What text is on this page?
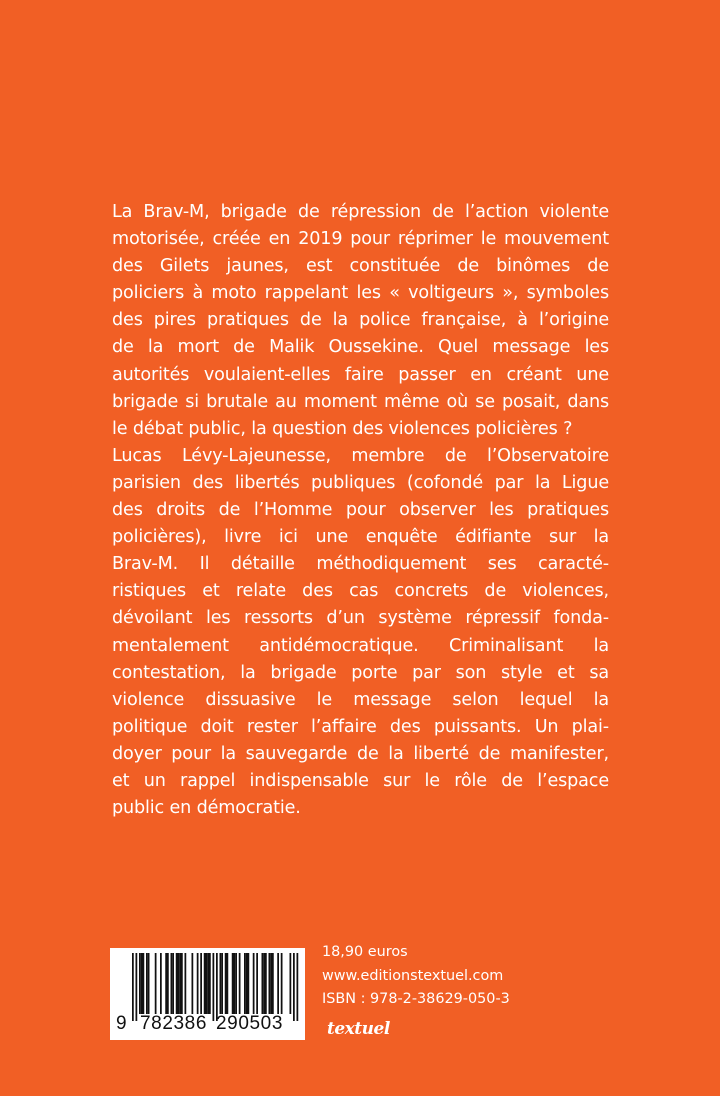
La Brav-M, brigade de répression de l’action violente
motorisée, créée en 2019 pour réprimer le mouvement
des Gilets jaunes, est constituée de binômes de
policiers à moto rappelant les « voltigeurs », symboles
des pires pratiques de la police française, à l’origine
de la mort de Malik Oussekine. Quel message les
autorités voulaient-elles faire passer en créant une
brigade si brutale au moment même où se posait, dans
le débat public, la question des violences policières ?
Lucas Lévy-Lajeunesse, membre de l’Observatoire
parisien des libertés publiques (cofondé par la Ligue
des droits de l’Homme pour observer les pratiques
policières), livre ici une enquête édifiante sur la
Brav-M. Il détaille méthodiquement ses caracté-
ristiques et relate des cas concrets de violences,
dévoilant les ressorts d’un système répressif fonda-
mentalement antidémocratique. Criminalisant la
contestation, la brigade porte par son style et sa
violence dissuasive le message selon lequel la
politique doit rester l’affaire des puissants. Un plai-
doyer pour la sauvegarde de la liberté de manifester,
et un rappel indispensable sur le rôle de l’espace
public en démocratie.
9 782386 290503
18,90 euros
www.editionstextuel.com
ISBN : 978-2-38629-050-3
textuel
